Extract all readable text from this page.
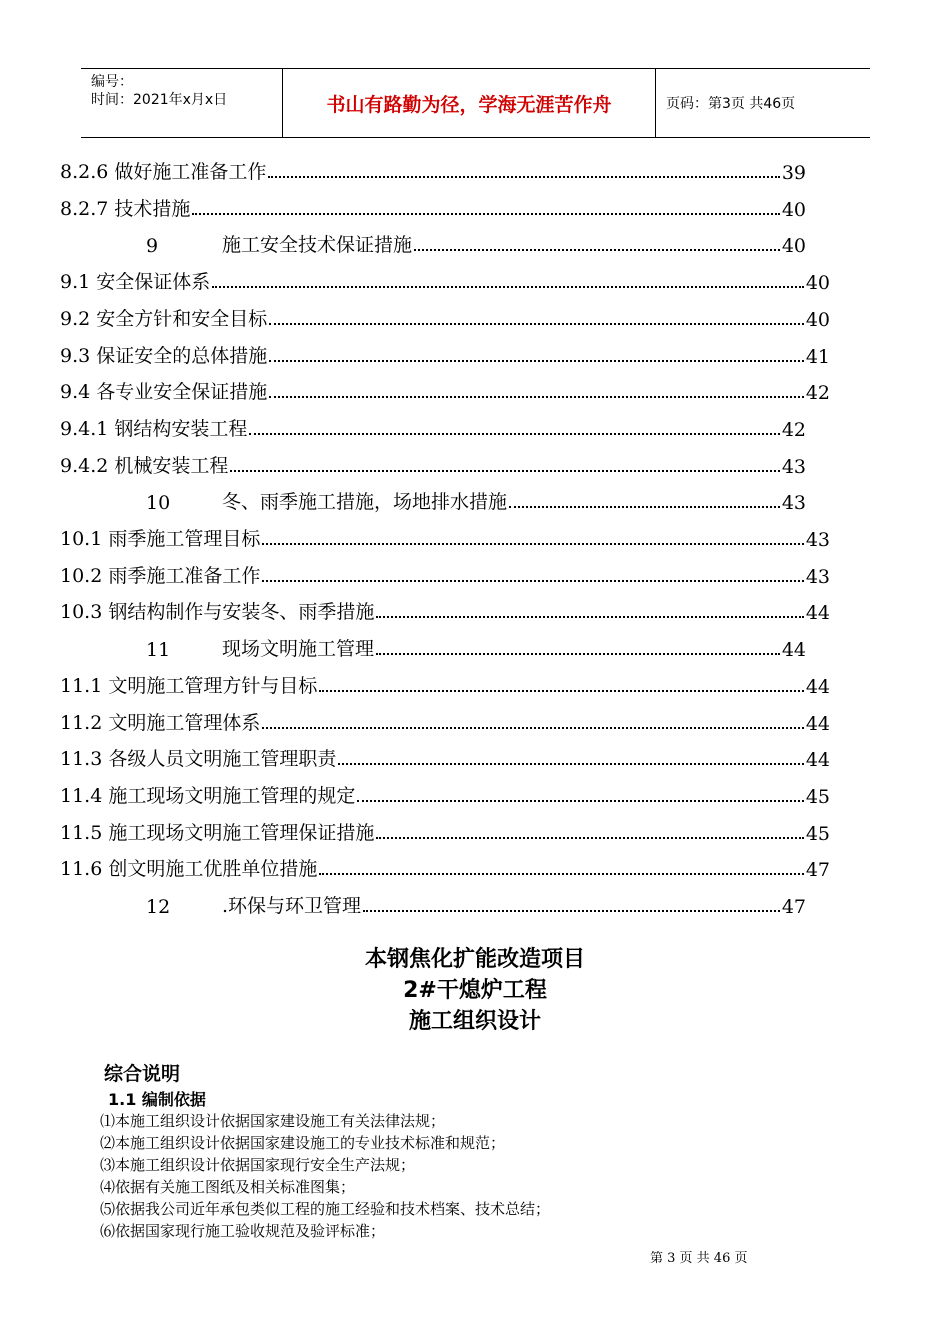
编号：
时间：2021年x月x日	书山有路勤为径，学海无涯苦作舟	页码：第3页 共46页
8.2.6 做好施工准备工作	39
8.2.7 技术措施	40
9	施工安全技术保证措施	40
9.1 安全保证体系	40
9.2 安全方针和安全目标	40
9.3 保证安全的总体措施	41
9.4 各专业安全保证措施	42
9.4.1 钢结构安装工程	42
9.4.2 机械安装工程	43
10	冬、雨季施工措施，场地排水措施	43
10.1 雨季施工管理目标	43
10.2 雨季施工准备工作	43
10.3 钢结构制作与安装冬、雨季措施	44
11	现场文明施工管理	44
11.1 文明施工管理方针与目标	44
11.2 文明施工管理体系	44
11.3 各级人员文明施工管理职责	44
11.4 施工现场文明施工管理的规定	45
11.5 施工现场文明施工管理保证措施	45
11.6 创文明施工优胜单位措施	47
12	.环保与环卫管理	47
本钢焦化扩能改造项目
2#干熄炉工程
施工组织设计
综合说明
1.1 编制依据
⑴本施工组织设计依据国家建设施工有关法律法规；
⑵本施工组织设计依据国家建设施工的专业技术标准和规范；
⑶本施工组织设计依据国家现行安全生产法规；
⑷依据有关施工图纸及相关标准图集；
⑸依据我公司近年承包类似工程的施工经验和技术档案、技术总结；
⑹依据国家现行施工验收规范及验评标准；
第 3 页 共 46 页
